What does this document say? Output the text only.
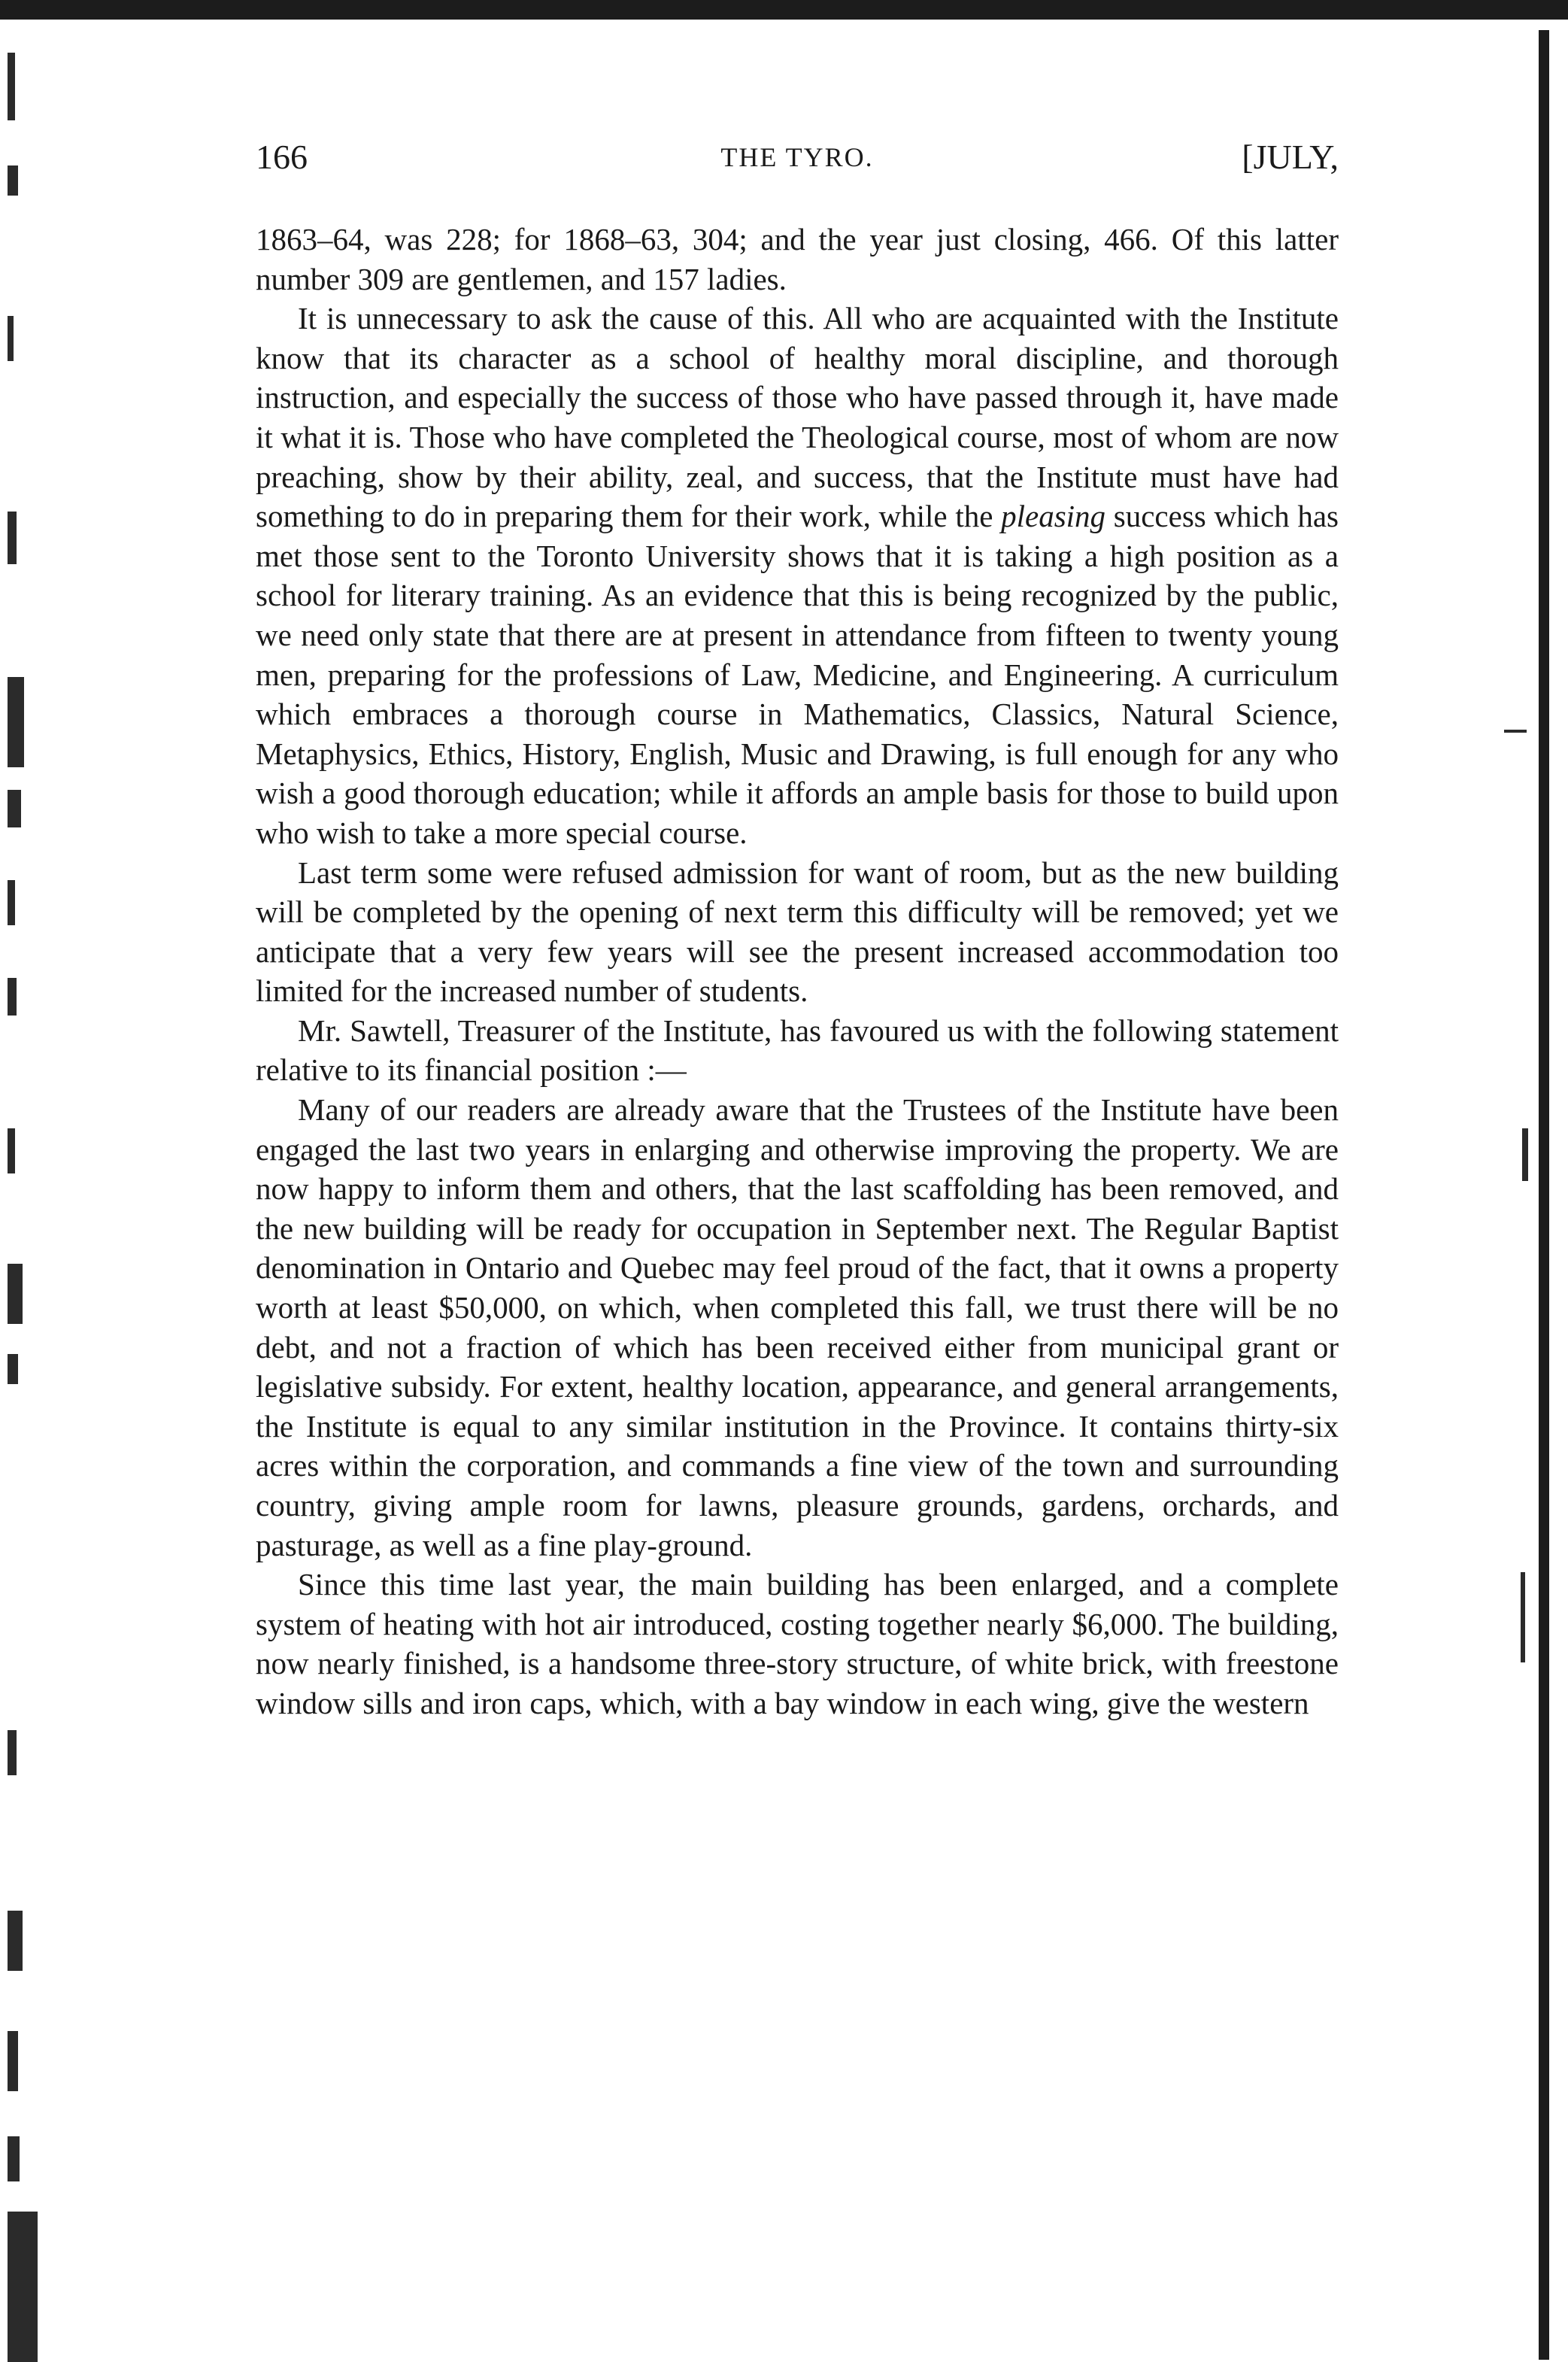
166	THE TYRO.	[JULY,

1863–64, was 228; for 1868–63, 304; and the year just closing, 466. Of this latter number 309 are gentlemen, and 157 ladies.

It is unnecessary to ask the cause of this. All who are acquainted with the Institute know that its character as a school of healthy moral discipline, and thorough instruction, and especially the success of those who have passed through it, have made it what it is. Those who have completed the Theological course, most of whom are now preaching, show by their ability, zeal, and success, that the Institute must have had something to do in preparing them for their work, while the pleasing success which has met those sent to the Toronto University shows that it is taking a high position as a school for literary training. As an evidence that this is being recognized by the public, we need only state that there are at present in attendance from fifteen to twenty young men, preparing for the professions of Law, Medicine, and Engineering. A curriculum which embraces a thorough course in Mathematics, Classics, Natural Science, Metaphysics, Ethics, History, English, Music and Drawing, is full enough for any who wish a good thorough education; while it affords an ample basis for those to build upon who wish to take a more special course.

Last term some were refused admission for want of room, but as the new building will be completed by the opening of next term this difficulty will be removed; yet we anticipate that a very few years will see the present increased accommodation too limited for the increased number of students.

Mr. Sawtell, Treasurer of the Institute, has favoured us with the following statement relative to its financial position :—

Many of our readers are already aware that the Trustees of the Institute have been engaged the last two years in enlarging and otherwise improving the property. We are now happy to inform them and others, that the last scaffolding has been removed, and the new building will be ready for occupation in September next. The Regular Baptist denomination in Ontario and Quebec may feel proud of the fact, that it owns a property worth at least $50,000, on which, when completed this fall, we trust there will be no debt, and not a fraction of which has been received either from municipal grant or legislative subsidy. For extent, healthy location, appearance, and general arrangements, the Institute is equal to any similar institution in the Province. It contains thirty-six acres within the corporation, and commands a fine view of the town and surrounding country, giving ample room for lawns, pleasure grounds, gardens, orchards, and pasturage, as well as a fine play-ground.

Since this time last year, the main building has been enlarged, and a complete system of heating with hot air introduced, costing together nearly $6,000. The building, now nearly finished, is a handsome three-story structure, of white brick, with freestone window sills and iron caps, which, with a bay window in each wing, give the western
